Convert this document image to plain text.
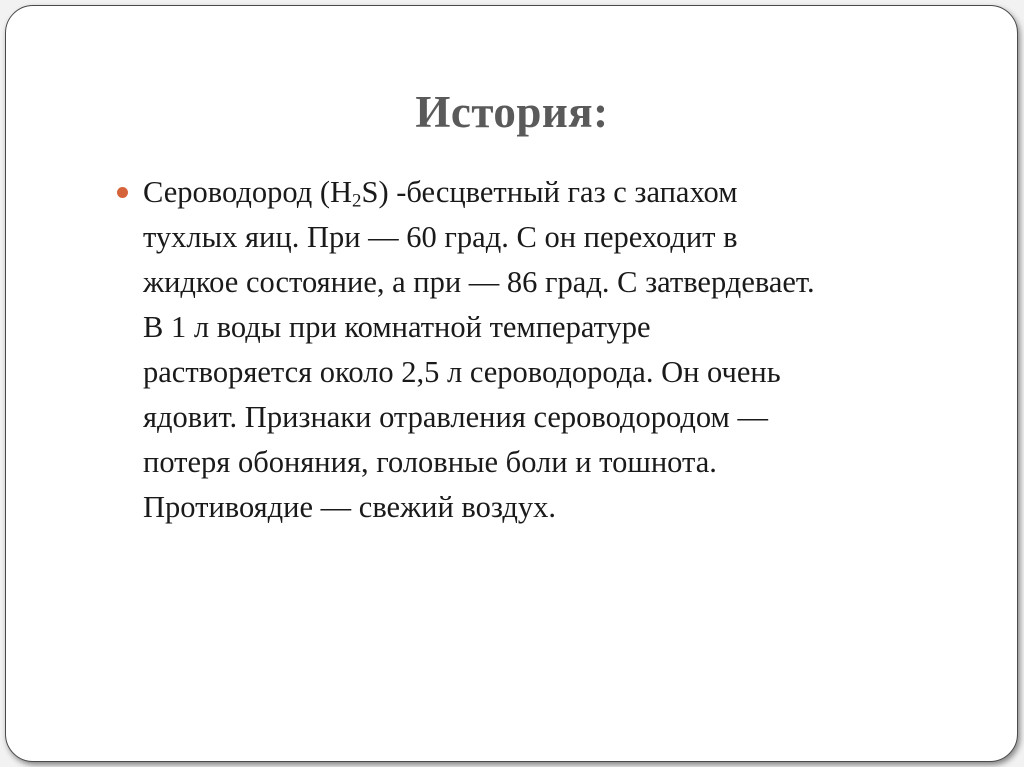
История:
Сероводород $(H_2S)$ -бесцветный газ с запахом
тухлых яиц. При — 60 град. С он переходит в
жидкое состояние, а при — 86 град. С затвердевает.
В 1 л воды при комнатной температуре
растворяется около 2,5 л сероводорода. Он очень
ядовит. Признаки отравления сероводородом —
потеря обоняния, головные боли и тошнота.
Противоядие — свежий воздух.
